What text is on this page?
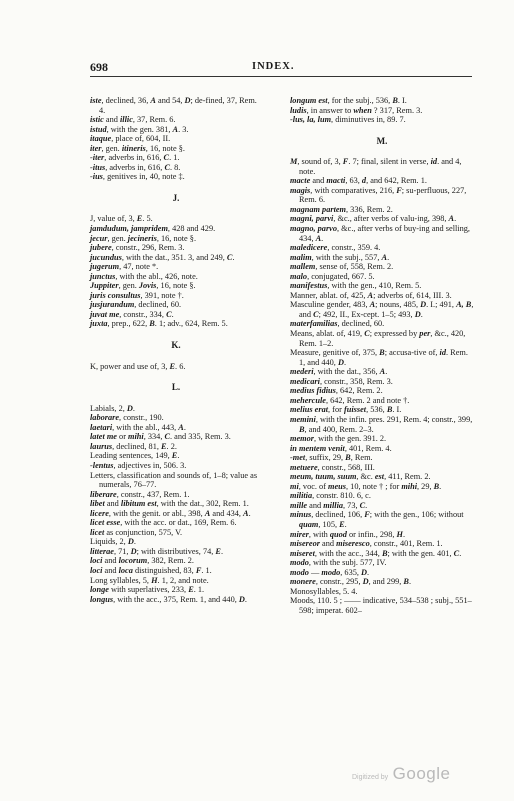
698	INDEX.
iste, declined, 36, A and 54, D; de-fined, 37, Rem. 4.
istic and illic, 37, Rem. 6.
istud, with the gen. 381, A. 3.
itaque, place of, 604, II.
iter, gen. itineris, 16, note §.
-iter, adverbs in, 616, C. 1.
-itus, adverbs in, 616, C. 8.
-ius, genitives in, 40, note ‡.
J.
J, value of, 3, E. 5.
jamdudum, jampridem, 428 and 429.
jecur, gen. jecineris, 16, note §.
jubere, constr., 296, Rem. 3.
jucundus, with the dat., 351. 3, and 249, C.
jugerum, 47, note *.
junctus, with the abl., 426, note.
Juppiter, gen. Jovis, 16, note §.
juris consultus, 391, note †.
jusjurandum, declined, 60.
juvat me, constr., 334, C.
juxta, prep., 622, B. 1; adv., 624, Rem. 5.
K.
K, power and use of, 3, E. 6.
L.
Labials, 2, D.
laborare, constr., 190.
laetari, with the abl., 443, A.
latet me or mihi, 334, C. and 335, Rem. 3.
laurus, declined, 81, E. 2.
Leading sentences, 149, E.
-lentus, adjectives in, 506. 3.
Letters, classification and sounds of, 1–8; value as numerals, 76–77.
liberare, constr., 437, Rem. 1.
libet and libitum est, with the dat., 302, Rem. 1.
licere, with the genit. or abl., 398, A and 434, A.
licet esse, with the acc. or dat., 169, Rem. 6.
licet as conjunction, 575, V.
Liquids, 2, D.
litterae, 71, D; with distributives, 74, E.
loci and locorum, 382, Rem. 2.
loci and loca distinguished, 83, F. 1.
Long syllables, 5, H. 1, 2, and note.
longe with superlatives, 233, E. 1.
longus, with the acc., 375, Rem. 1, and 440, D.
longum est, for the subj., 536, B. I.
ludis, in answer to when ? 317, Rem. 3.
-lus, la, lum, diminutives in, 89. 7.
M.
M, sound of, 3, F. 7; final, silent in verse, id. and 4, note.
macte and macti, 63, d, and 642, Rem. 1.
magis, with comparatives, 216, F; su-perfluous, 227, Rem. 6.
magnam partem, 336, Rem. 2.
magni, parvi, &c., after verbs of valu-ing, 398, A.
magno, parvo, &c., after verbs of buy-ing and selling, 434, A.
maledicere, constr., 359. 4.
malim, with the subj., 557, A.
mallem, sense of, 558, Rem. 2.
malo, conjugated, 667. 5.
manifestus, with the gen., 410, Rem. 5.
Manner, ablat. of, 425, A; adverbs of, 614, III. 3.
Masculine gender, 483, A; nouns, 485, D. I.; 491, A, B, and C; 492, II., Ex-cept. 1–5; 493, D.
materfamilias, declined, 60.
Means, ablat. of, 419, C; expressed by per, &c., 420, Rem. 1–2.
Measure, genitive of, 375, B; accusa-tive of, id. Rem. 1, and 440, D.
mederi, with the dat., 356, A.
medicari, constr., 358, Rem. 3.
medius fidius, 642, Rem. 2.
mehercule, 642, Rem. 2 and note †.
melius erat, for fuisset, 536, B. I.
memini, with the infin. pres. 291, Rem. 4; constr., 399, B, and 400, Rem. 2–3.
memor, with the gen. 391. 2.
in mentem venit, 401, Rem. 4.
-met, suffix, 29, B, Rem.
metuere, constr., 568, III.
meum, tuum, suum, &c. est, 411, Rem. 2.
mi, voc. of meus, 10, note † ; for mihi, 29, B.
militia, constr. 810. 6, c.
mille and millia, 73, C.
minus, declined, 106, F; with the gen., 106; without quam, 105, E.
mirer, with quod or infin., 298, H.
misereor and miseresco, constr., 401, Rem. 1.
miseret, with the acc., 344, B; with the gen. 401, C.
modo, with the subj. 577, IV.
modo — modo, 635, D.
monere, constr., 295, D, and 299, B.
Monosyllables, 5. 4.
Moods, 110. 5 ; —— indicative, 534–538 ; subj., 551–598; imperat. 602–
Digitized by Google
